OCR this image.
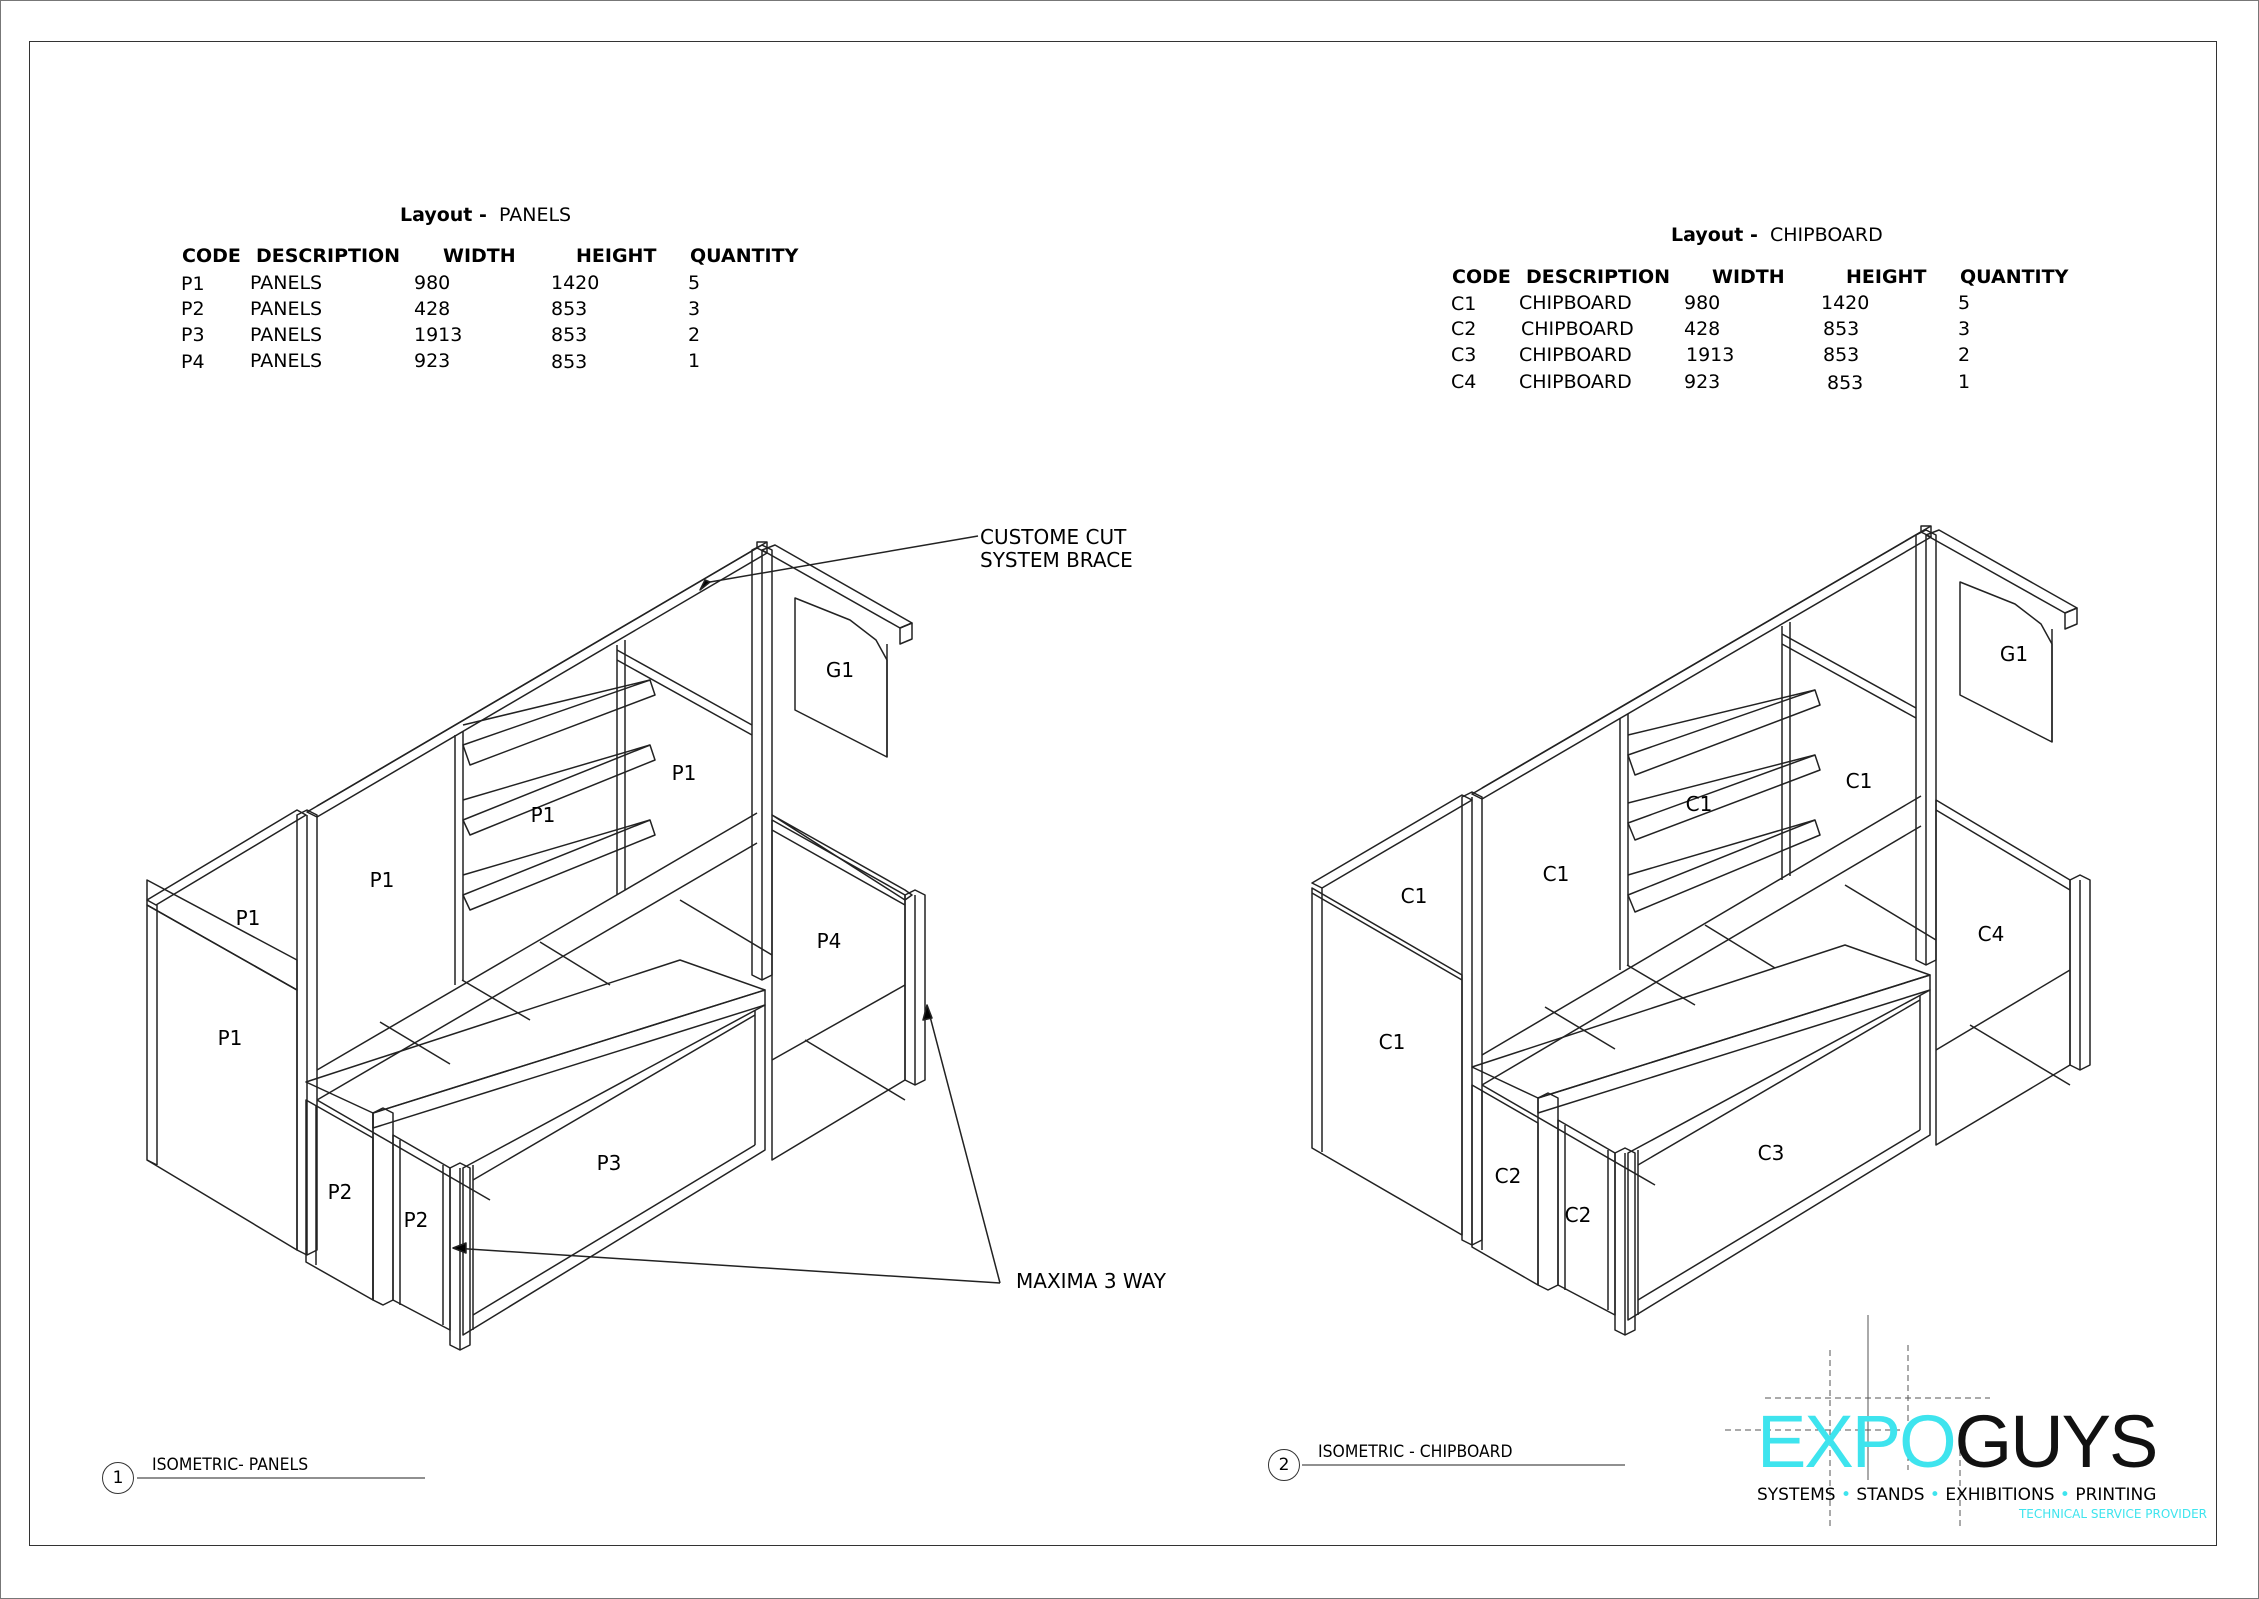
Layout - PANELS
CODE DESCRIPTION WIDTH	HEIGHT QUANTITY
P1 PANELS	980	1420	5
P2 PANELS	428	853	3
P3 PANELS	1913	853	2
P4 PANELS	923	853	1
Layout - CHIPBOARD
CODE DESCRIPTION WIDTH	HEIGHT QUANTITY
C1 CHIPBOARD	980	1420	5
C2 CHIPBOARD	428	853	3
C3 CHIPBOARD	1913	853	2
C4 CHIPBOARD	923	853	1
G1
P1
P1
P1
P1
P1
P4
P3
P2
P2
CUSTOME CUT
SYSTEM BRACE
MAXIMA 3 WAY
1
ISOMETRIC- PANELS
G1
C1
C1
C1
C1
C1
C4
C3
C2
C2
2
ISOMETRIC - CHIPBOARD	EXPOGUYS
SYSTEMS • STANDS • EXHIBITIONS • PRINTING
TECHNICAL SERVICE PROVIDER
